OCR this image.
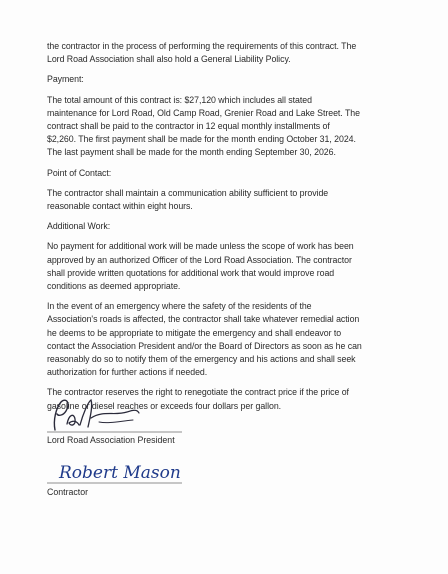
the contractor in the process of performing the requirements of this contract. The
Lord Road Association shall also hold a General Liability Policy.
Payment:
The total amount of this contract is: $27,120 which includes all stated
maintenance for Lord Road, Old Camp Road, Grenier Road and Lake Street. The
contract shall be paid to the contractor in 12 equal monthly installments of
$2,260. The first payment shall be made for the month ending October 31, 2024.
The last payment shall be made for the month ending September 30, 2026.
Point of Contact:
The contractor shall maintain a communication ability sufficient to provide
reasonable contact within eight hours.
Additional Work:
No payment for additional work will be made unless the scope of work has been
approved by an authorized Officer of the Lord Road Association. The contractor
shall provide written quotations for additional work that would improve road
conditions as deemed appropriate.
In the event of an emergency where the safety of the residents of the
Association's roads is affected, the contractor shall take whatever remedial action
he deems to be appropriate to mitigate the emergency and shall endeavor to
contact the Association President and/or the Board of Directors as soon as he can
reasonably do so to notify them of the emergency and his actions and shall seek
authorization for further actions if needed.
The contractor reserves the right to renegotiate the contract price if the price of
gasoline or diesel reaches or exceeds four dollars per gallon.
Lord Road Association President
Robert Mason
Contractor
